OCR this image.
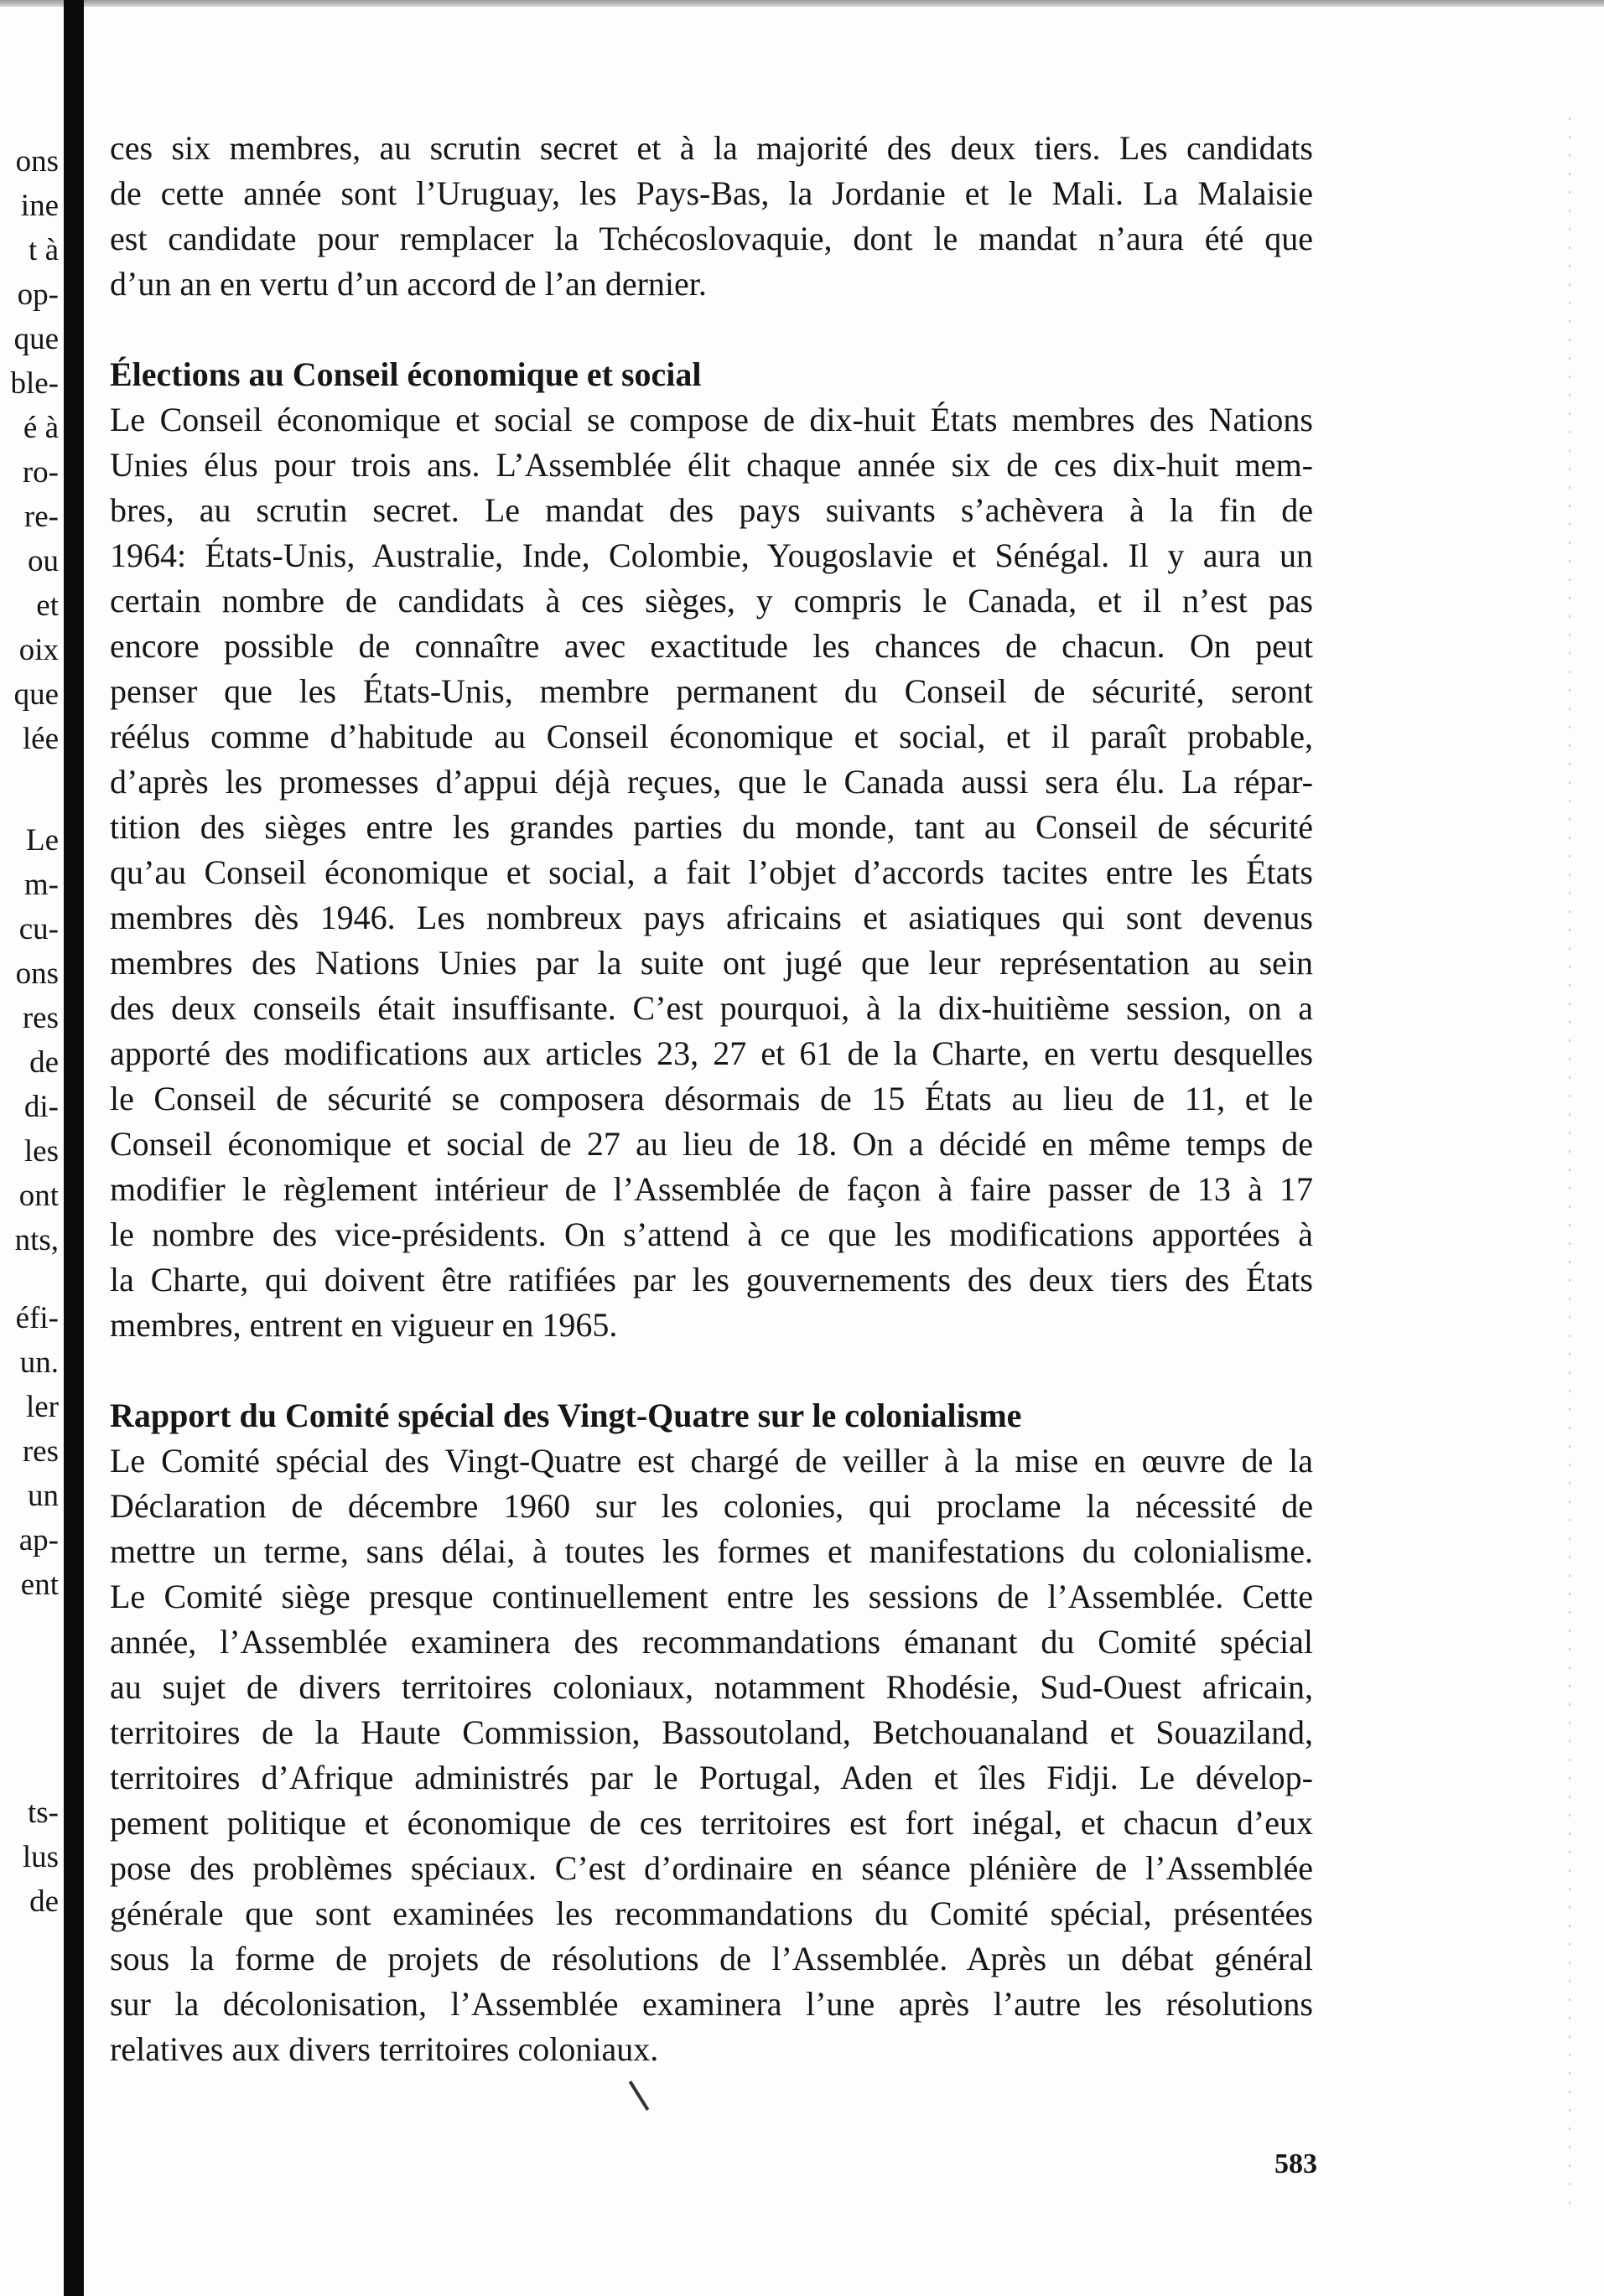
ons
ine
t à
op-
que
ble-
é à
ro-
re-
ou
et
oix
que
lée
Le
m-
cu-
ons
res
de
di-
les
ont
nts,
éfi-
un.
ler
res
un
ap-
ent
ts-
lus
de
ces six membres, au scrutin secret et à la majorité des deux tiers. Les candidats
de cette année sont l’Uruguay, les Pays-Bas, la Jordanie et le Mali. La Malaisie
est candidate pour remplacer la Tchécoslovaquie, dont le mandat n’aura été que
d’un an en vertu d’un accord de l’an dernier.
Élections au Conseil économique et social
Le Conseil économique et social se compose de dix-huit États membres des Nations
Unies élus pour trois ans. L’Assemblée élit chaque année six de ces dix-huit mem-
bres, au scrutin secret. Le mandat des pays suivants s’achèvera à la fin de
1964: États-Unis, Australie, Inde, Colombie, Yougoslavie et Sénégal. Il y aura un
certain nombre de candidats à ces sièges, y compris le Canada, et il n’est pas
encore possible de connaître avec exactitude les chances de chacun. On peut
penser que les États-Unis, membre permanent du Conseil de sécurité, seront
réélus comme d’habitude au Conseil économique et social, et il paraît probable,
d’après les promesses d’appui déjà reçues, que le Canada aussi sera élu. La répar-
tition des sièges entre les grandes parties du monde, tant au Conseil de sécurité
qu’au Conseil économique et social, a fait l’objet d’accords tacites entre les États
membres dès 1946. Les nombreux pays africains et asiatiques qui sont devenus
membres des Nations Unies par la suite ont jugé que leur représentation au sein
des deux conseils était insuffisante. C’est pourquoi, à la dix-huitième session, on a
apporté des modifications aux articles 23, 27 et 61 de la Charte, en vertu desquelles
le Conseil de sécurité se composera désormais de 15 États au lieu de 11, et le
Conseil économique et social de 27 au lieu de 18. On a décidé en même temps de
modifier le règlement intérieur de l’Assemblée de façon à faire passer de 13 à 17
le nombre des vice-présidents. On s’attend à ce que les modifications apportées à
la Charte, qui doivent être ratifiées par les gouvernements des deux tiers des États
membres, entrent en vigueur en 1965.
Rapport du Comité spécial des Vingt-Quatre sur le colonialisme
Le Comité spécial des Vingt-Quatre est chargé de veiller à la mise en œuvre de la
Déclaration de décembre 1960 sur les colonies, qui proclame la nécessité de
mettre un terme, sans délai, à toutes les formes et manifestations du colonialisme.
Le Comité siège presque continuellement entre les sessions de l’Assemblée. Cette
année, l’Assemblée examinera des recommandations émanant du Comité spécial
au sujet de divers territoires coloniaux, notamment Rhodésie, Sud-Ouest africain,
territoires de la Haute Commission, Bassoutoland, Betchouanaland et Souaziland,
territoires d’Afrique administrés par le Portugal, Aden et îles Fidji. Le dévelop-
pement politique et économique de ces territoires est fort inégal, et chacun d’eux
pose des problèmes spéciaux. C’est d’ordinaire en séance plénière de l’Assemblée
générale que sont examinées les recommandations du Comité spécial, présentées
sous la forme de projets de résolutions de l’Assemblée. Après un débat général
sur la décolonisation, l’Assemblée examinera l’une après l’autre les résolutions
relatives aux divers territoires coloniaux.
583
